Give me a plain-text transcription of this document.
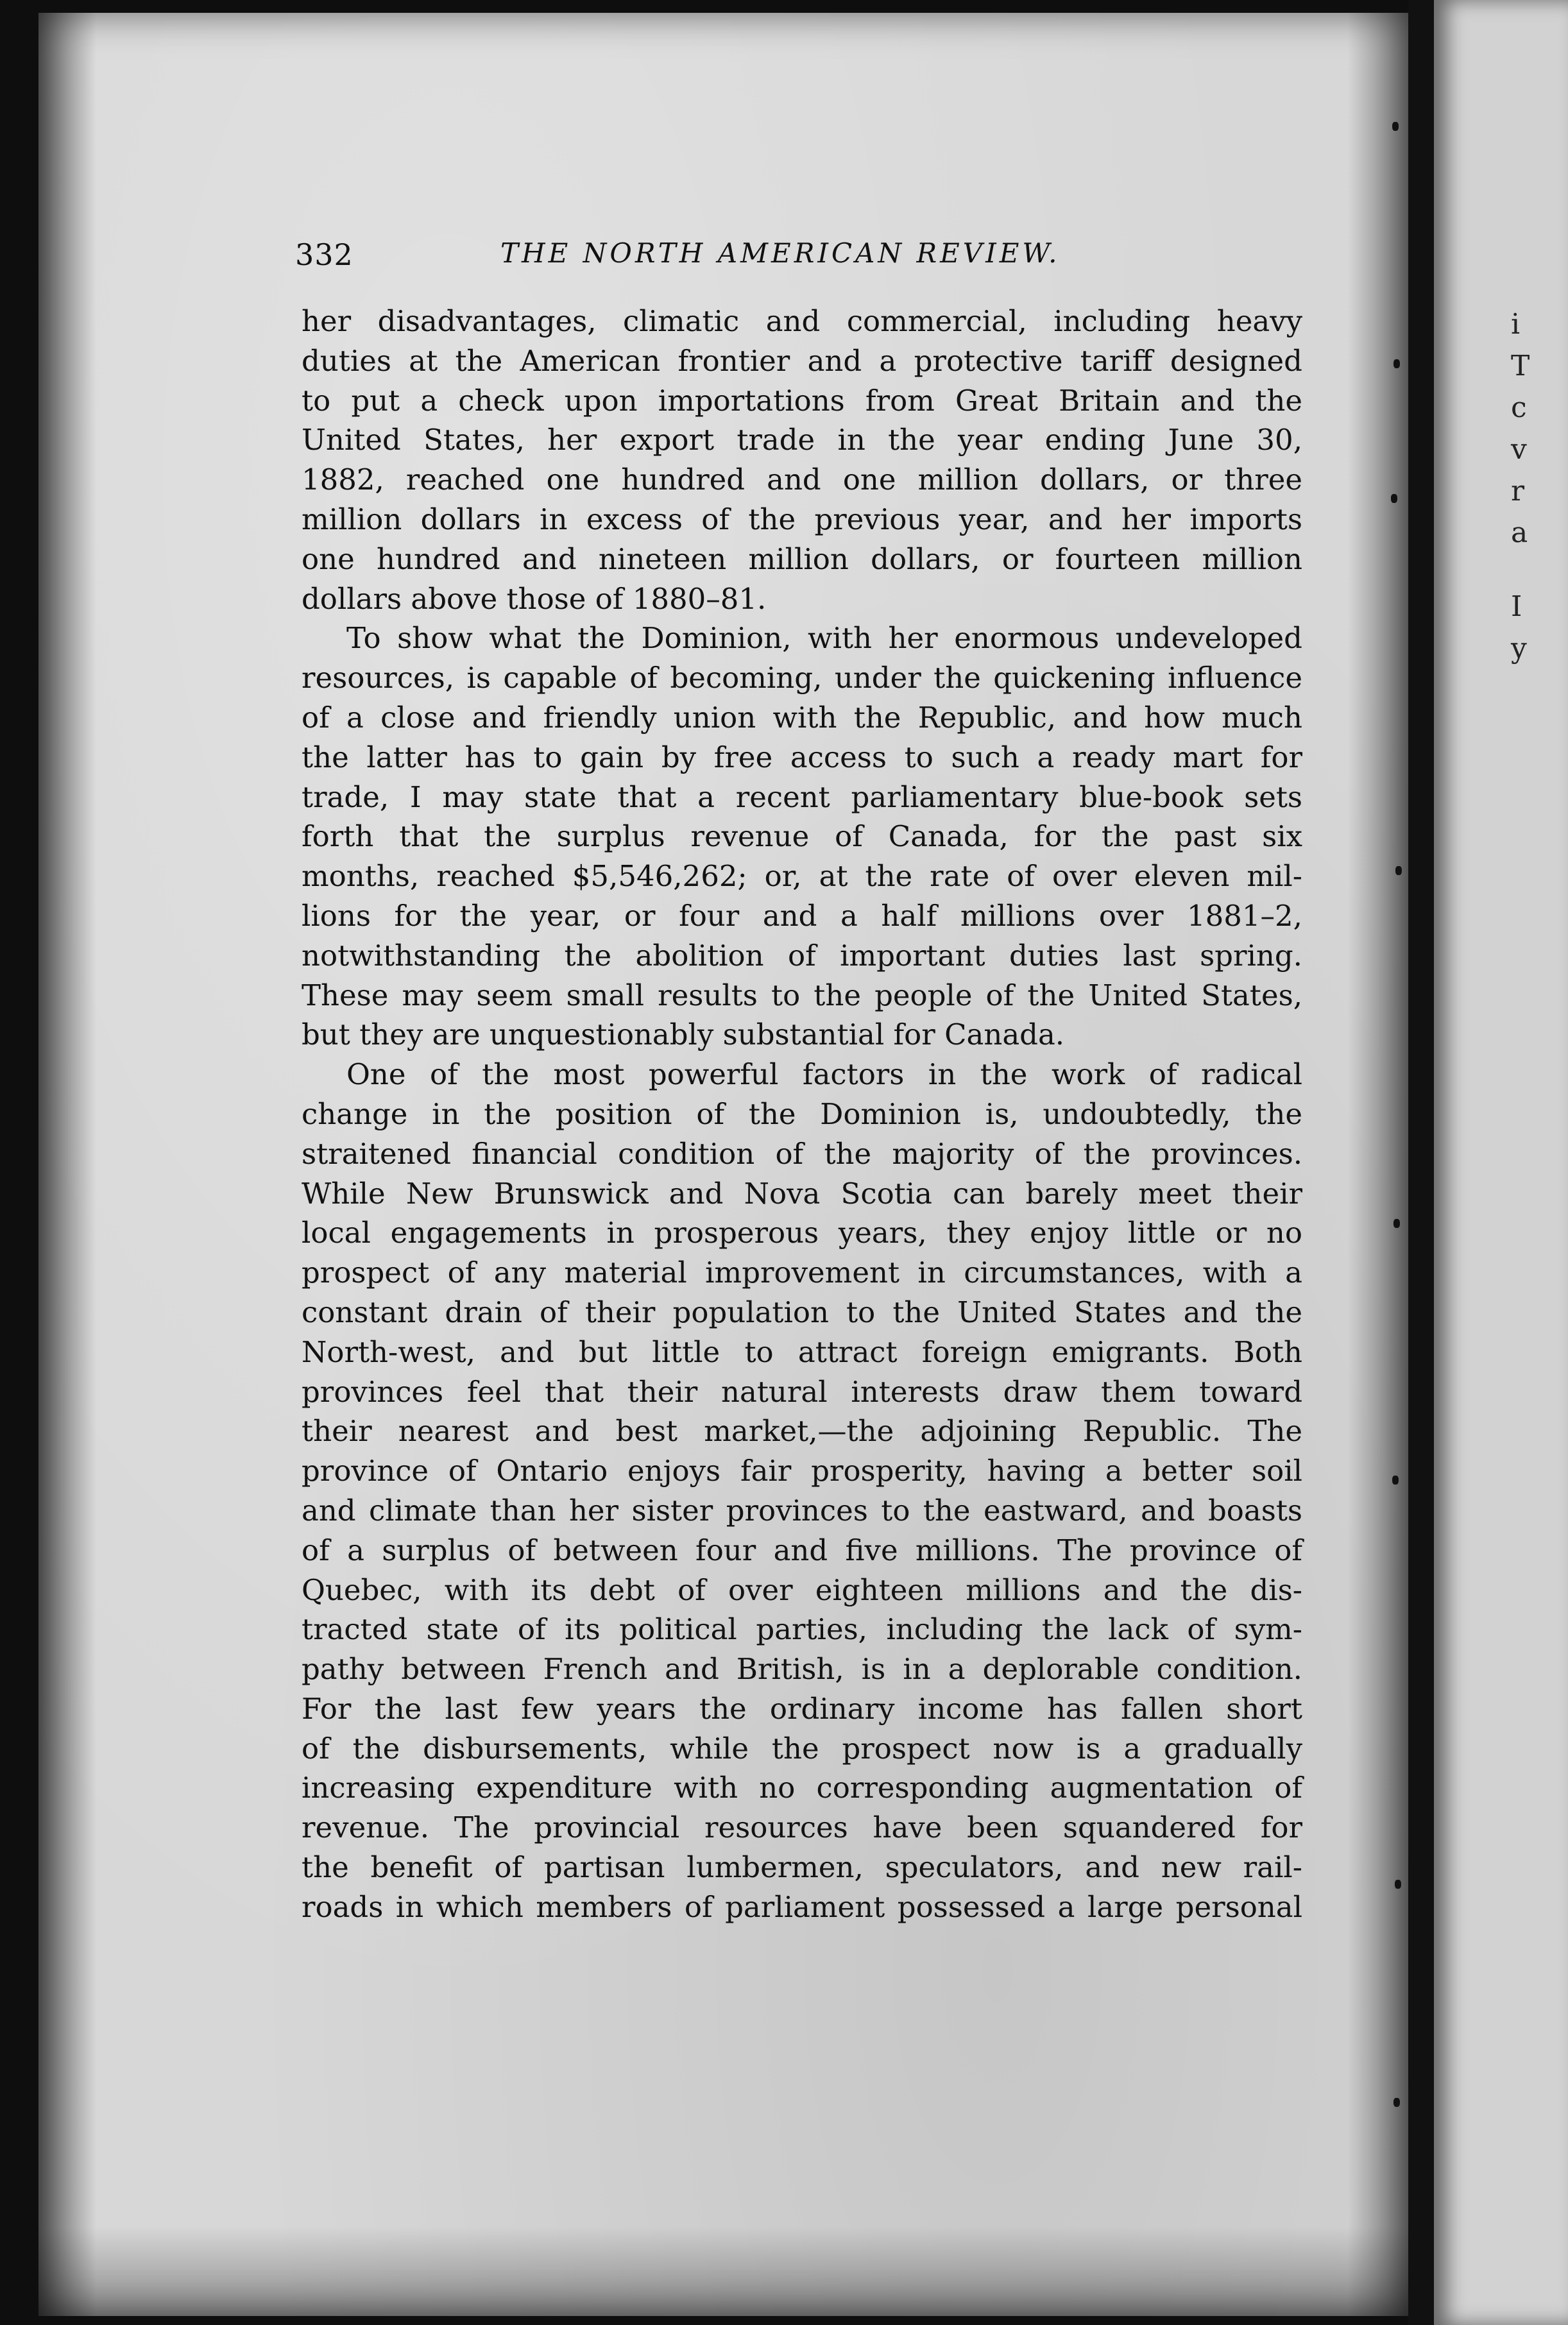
i
T
c
v
r
a
I
y
332	THE NORTH AMERICAN REVIEW.
her disadvantages, climatic and commercial, including heavy
duties at the American frontier and a protective tariff designed
to put a check upon importations from Great Britain and the
United States, her export trade in the year ending June 30,
1882, reached one hundred and one million dollars, or three
million dollars in excess of the previous year, and her imports
one hundred and nineteen million dollars, or fourteen million
dollars above those of 1880–81.
To show what the Dominion, with her enormous undeveloped
resources, is capable of becoming, under the quickening influence
of a close and friendly union with the Republic, and how much
the latter has to gain by free access to such a ready mart for
trade, I may state that a recent parliamentary blue-book sets
forth that the surplus revenue of Canada, for the past six
months, reached $5,546,262; or, at the rate of over eleven mil-
lions for the year, or four and a half millions over 1881–2,
notwithstanding the abolition of important duties last spring.
These may seem small results to the people of the United States,
but they are unquestionably substantial for Canada.
One of the most powerful factors in the work of radical
change in the position of the Dominion is, undoubtedly, the
straitened financial condition of the majority of the provinces.
While New Brunswick and Nova Scotia can barely meet their
local engagements in prosperous years, they enjoy little or no
prospect of any material improvement in circumstances, with a
constant drain of their population to the United States and the
North-west, and but little to attract foreign emigrants. Both
provinces feel that their natural interests draw them toward
their nearest and best market,—the adjoining Republic. The
province of Ontario enjoys fair prosperity, having a better soil
and climate than her sister provinces to the eastward, and boasts
of a surplus of between four and five millions. The province of
Quebec, with its debt of over eighteen millions and the dis-
tracted state of its political parties, including the lack of sym-
pathy between French and British, is in a deplorable condition.
For the last few years the ordinary income has fallen short
of the disbursements, while the prospect now is a gradually
increasing expenditure with no corresponding augmentation of
revenue. The provincial resources have been squandered for
the benefit of partisan lumbermen, speculators, and new rail-
roads in which members of parliament possessed a large personal
